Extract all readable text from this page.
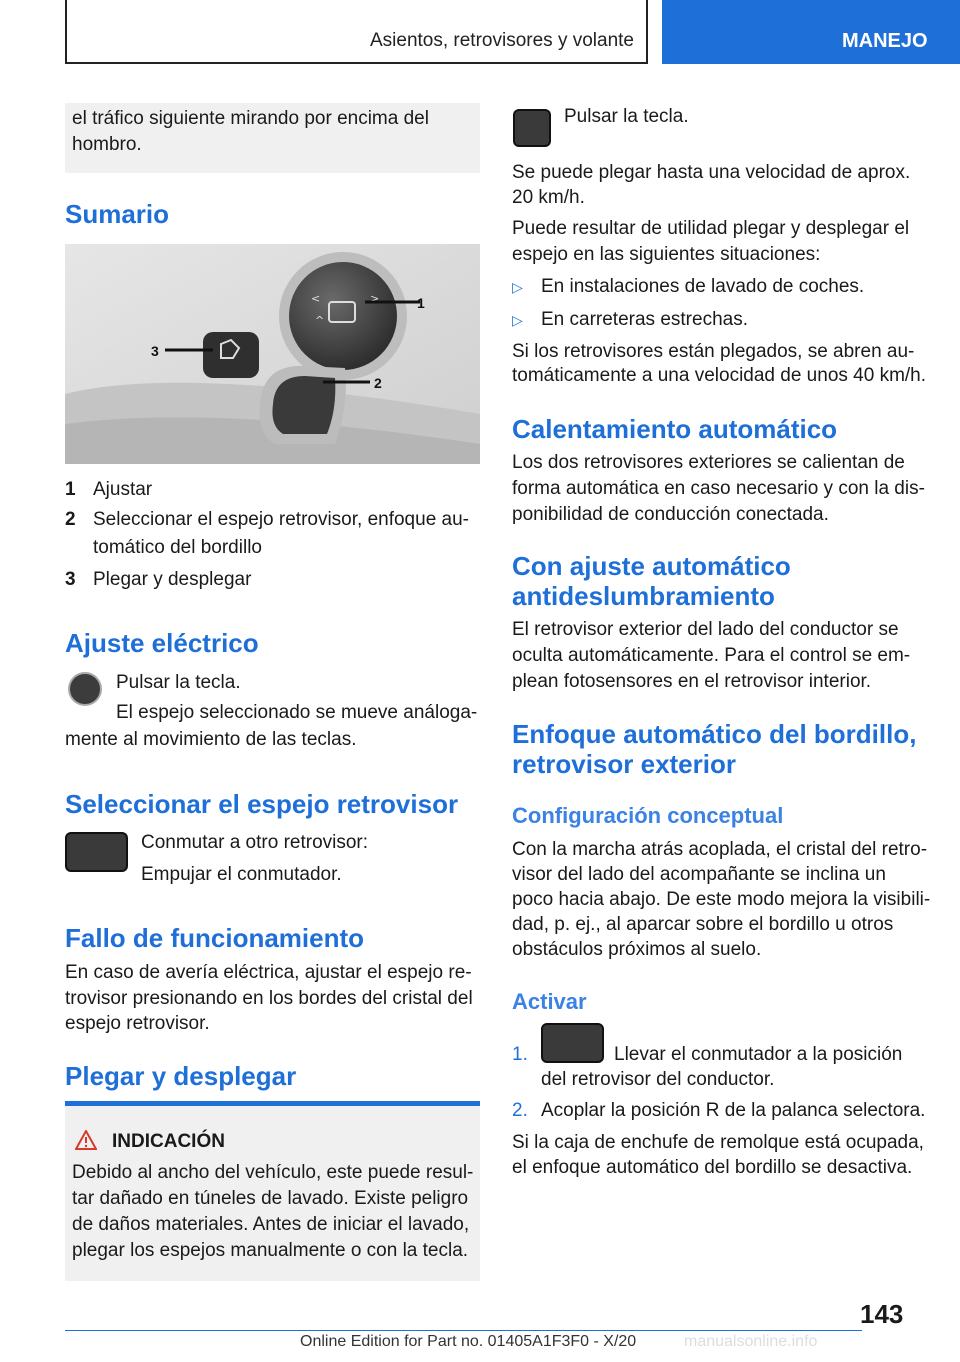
Asientos, retrovisores y volante	MANEJO
el tráfico siguiente mirando por encima del hombro.
Sumario
<	>
^
1
2
3
1 Ajustar
2 Seleccionar el espejo retrovisor, enfoque au-
tomático del bordillo
3 Plegar y desplegar
Ajuste eléctrico
Pulsar la tecla.
El espejo seleccionado se mueve análoga-
mente al movimiento de las teclas.
Seleccionar el espejo retrovisor
Conmutar a otro retrovisor:
Empujar el conmutador.
Fallo de funcionamiento
En caso de avería eléctrica, ajustar el espejo re-
trovisor presionando en los bordes del cristal del
espejo retrovisor.
Plegar y desplegar
INDICACIÓN
Debido al ancho del vehículo, este puede resul-
tar dañado en túneles de lavado. Existe peligro
de daños materiales. Antes de iniciar el lavado,
plegar los espejos manualmente o con la tecla.
Pulsar la tecla.
Se puede plegar hasta una velocidad de aprox.
20 km/h.
Puede resultar de utilidad plegar y desplegar el
espejo en las siguientes situaciones:
▷ En instalaciones de lavado de coches.
▷ En carreteras estrechas.
Si los retrovisores están plegados, se abren au-
tomáticamente a una velocidad de unos 40 km/h.
Calentamiento automático
Los dos retrovisores exteriores se calientan de
forma automática en caso necesario y con la dis-
ponibilidad de conducción conectada.
Con ajuste automático
antideslumbramiento
El retrovisor exterior del lado del conductor se
oculta automáticamente. Para el control se em-
plean fotosensores en el retrovisor interior.
Enfoque automático del bordillo,
retrovisor exterior
Configuración conceptual
Con la marcha atrás acoplada, el cristal del retro-
visor del lado del acompañante se inclina un
poco hacia abajo. De este modo mejora la visibili-
dad, p. ej., al aparcar sobre el bordillo u otros
obstáculos próximos al suelo.
Activar
1.	Llevar el conmutador a la posición
del retrovisor del conductor.
2. Acoplar la posición R de la palanca selectora.
Si la caja de enchufe de remolque está ocupada,
el enfoque automático del bordillo se desactiva.
143
Online Edition for Part no. 01405A1F3F0 - X/20	manualsonline.info
